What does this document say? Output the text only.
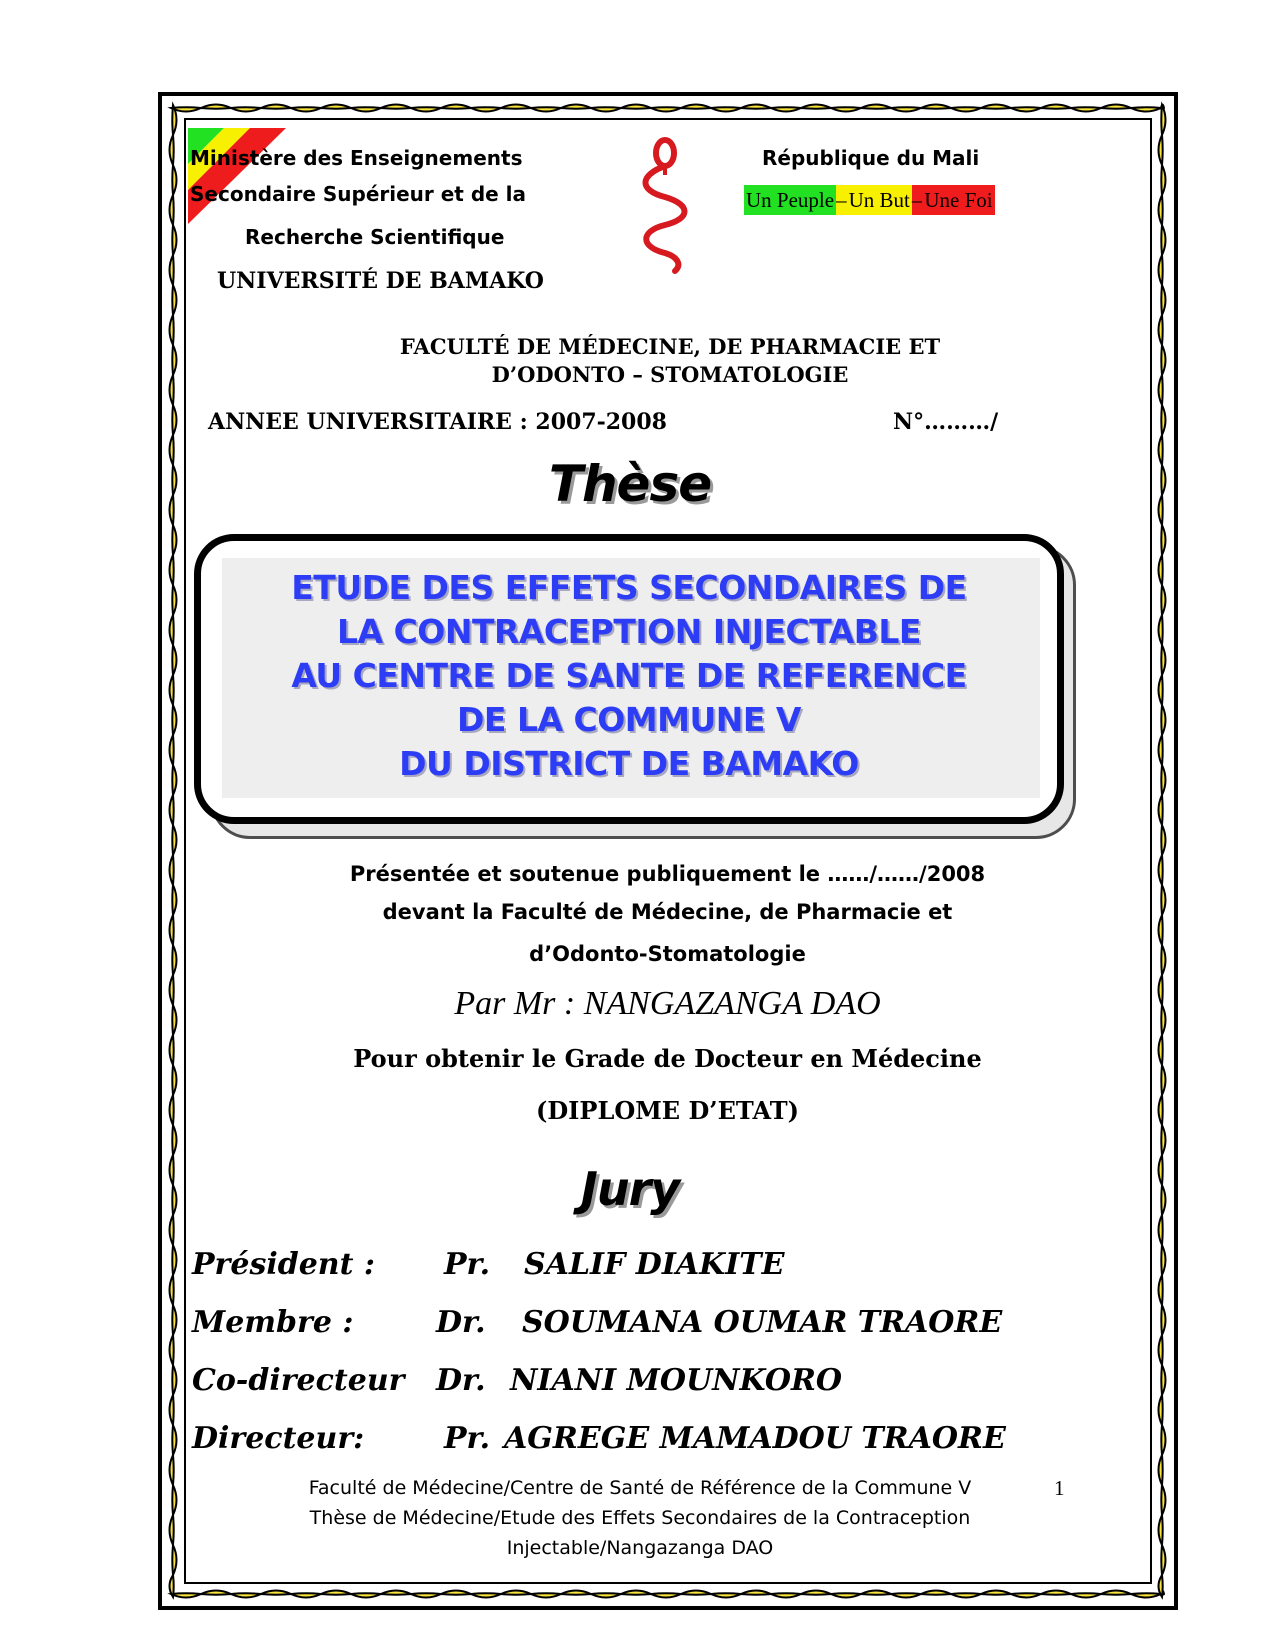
Ministère des Enseignements
Secondaire Supérieur et de la
Recherche Scientifique
UNIVERSITÉ DE BAMAKO
République du Mali
Un Peuple – Un But – Une Foi
FACULTÉ DE MÉDECINE, DE PHARMACIE ET
D’ODONTO – STOMATOLOGIE
ANNEE UNIVERSITAIRE : 2007-2008	N°………/
Thèse
ETUDE DES EFFETS SECONDAIRES DE
LA CONTRACEPTION INJECTABLE
AU CENTRE DE SANTE DE REFERENCE
DE LA COMMUNE V
DU DISTRICT DE BAMAKO
Présentée et soutenue publiquement le ……/……/2008
devant la Faculté de Médecine, de Pharmacie et
d’Odonto-Stomatologie
Par Mr : NANGAZANGA DAO
Pour obtenir le Grade de Docteur en Médecine
(DIPLOME D’ETAT)
Jury
Président : Pr. SALIF DIAKITE
Membre :	Dr. SOUMANA OUMAR TRAORE
Co-directeur Dr. NIANI MOUNKORO
Directeur:	Pr. AGREGE MAMADOU TRAORE
Faculté de Médecine/Centre de Santé de Référence de la Commune V
Thèse de Médecine/Etude des Effets Secondaires de la Contraception
Injectable/Nangazanga DAO
1
